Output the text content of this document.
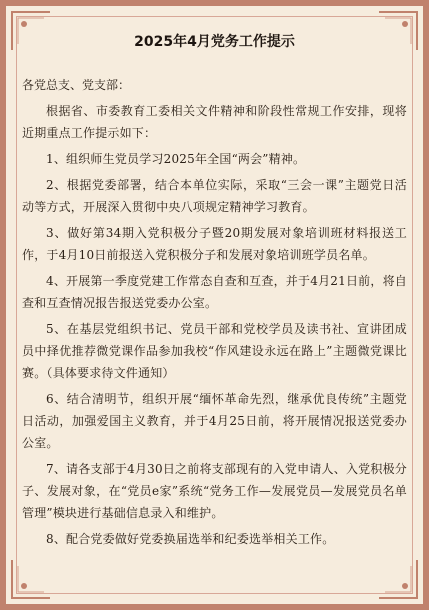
2025年4月党务工作提示
各党总支、党支部：
根据省、市委教育工委相关文件精神和阶段性常规工作安排，现将近期重点工作提示如下：
1、组织师生党员学习2025年全国“两会”精神。
2、根据党委部署，结合本单位实际，采取“三会一课”主题党日活动等方式，开展深入贯彻中央八项规定精神学习教育。
3、做好第34期入党积极分子暨20期发展对象培训班材料报送工作，于4月10日前报送入党积极分子和发展对象培训班学员名单。
4、开展第一季度党建工作常态自查和互查，并于4月21日前，将自查和互查情况报告报送党委办公室。
5、在基层党组织书记、党员干部和党校学员及读书社、宣讲团成员中择优推荐微党课作品参加我校“作风建设永远在路上”主题微党课比赛。（具体要求待文件通知）
6、结合清明节，组织开展“缅怀革命先烈，继承优良传统”主题党日活动，加强爱国主义教育，并于4月25日前，将开展情况报送党委办公室。
7、请各支部于4月30日之前将支部现有的入党申请人、入党积极分子、发展对象，在“党员e家”系统“党务工作—发展党员—发展党员名单管理”模块进行基础信息录入和维护。
8、配合党委做好党委换届选举和纪委选举相关工作。
